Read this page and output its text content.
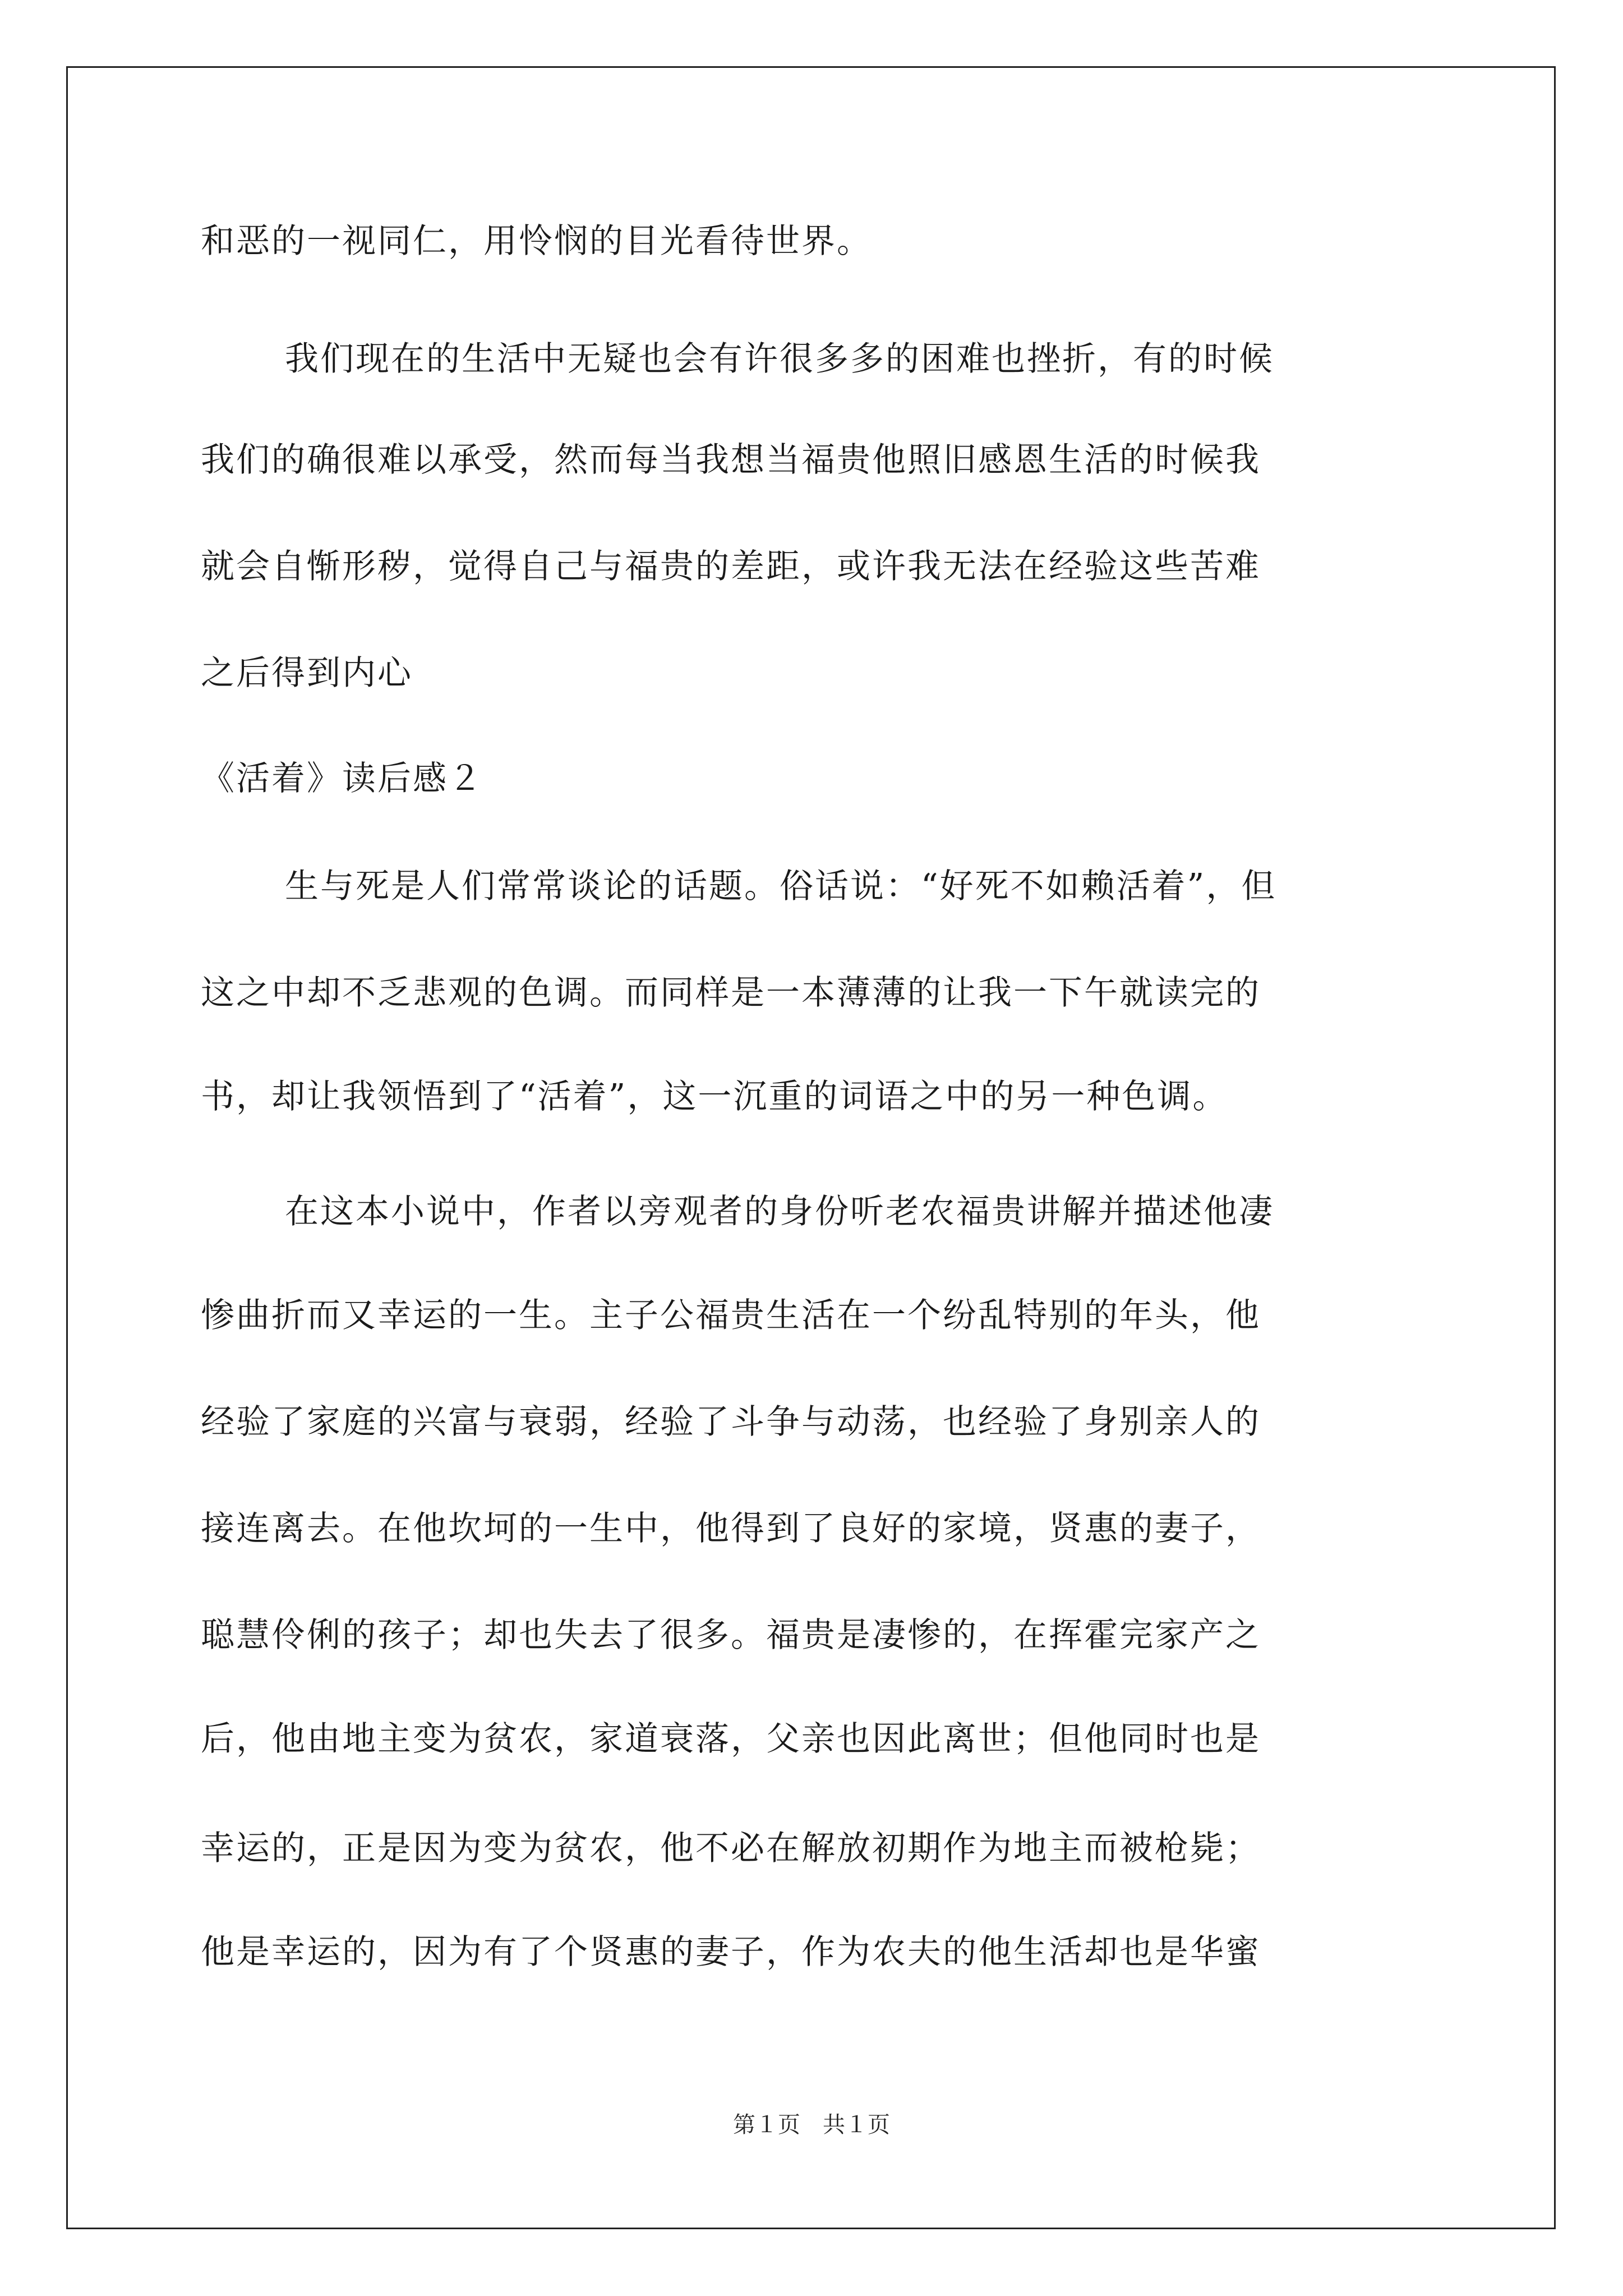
和恶的一视同仁，用怜悯的目光看待世界。
我们现在的生活中无疑也会有许很多多的困难也挫折，有的时候
我们的确很难以承受，然而每当我想当福贵他照旧感恩生活的时候我
就会自惭形秽，觉得自己与福贵的差距，或许我无法在经验这些苦难
之后得到内心
《活着》读后感２
生与死是人们常常谈论的话题。俗话说：“好死不如赖活着”，但
这之中却不乏悲观的色调。而同样是一本薄薄的让我一下午就读完的
书，却让我领悟到了“活着”，这一沉重的词语之中的另一种色调。
在这本小说中，作者以旁观者的身份听老农福贵讲解并描述他凄
惨曲折而又幸运的一生。主子公福贵生活在一个纷乱特别的年头，他
经验了家庭的兴富与衰弱，经验了斗争与动荡，也经验了身别亲人的
接连离去。在他坎坷的一生中，他得到了良好的家境，贤惠的妻子，
聪慧伶俐的孩子；却也失去了很多。福贵是凄惨的，在挥霍完家产之
后，他由地主变为贫农，家道衰落，父亲也因此离世；但他同时也是
幸运的，正是因为变为贫农，他不必在解放初期作为地主而被枪毙；
他是幸运的，因为有了个贤惠的妻子，作为农夫的他生活却也是华蜜
第１页　共１页
